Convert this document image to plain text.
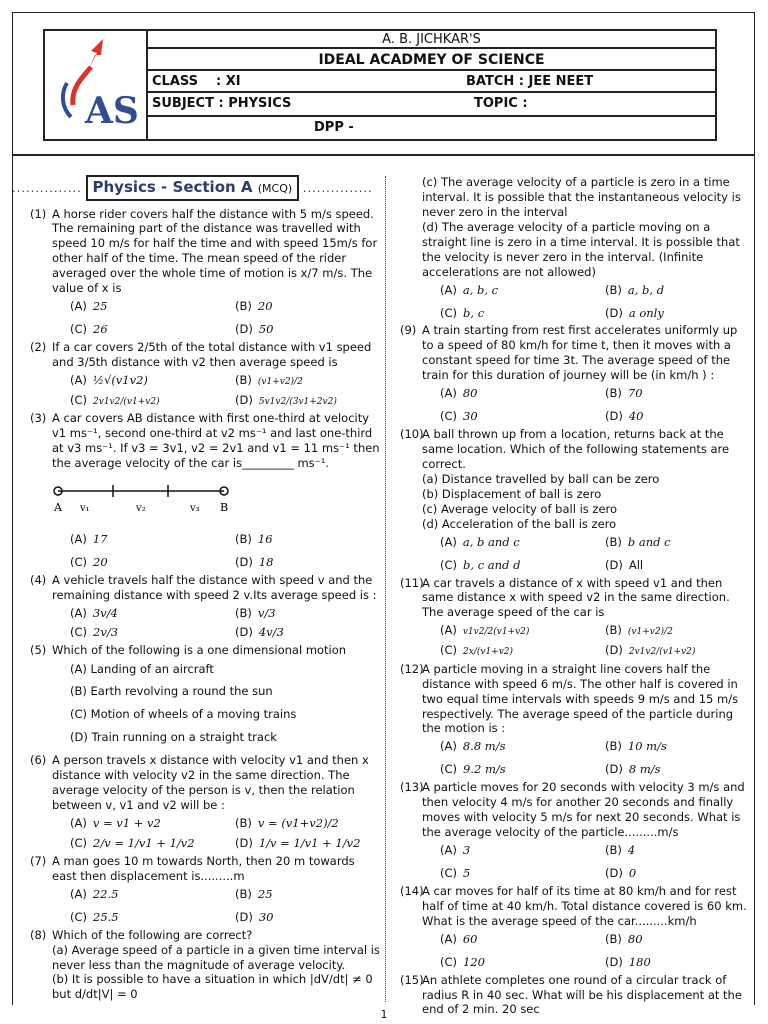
AS
A. B. JICHKAR'S
IDEAL ACADMEY OF SCIENCE
CLASS : XI	BATCH : JEE NEET
SUBJECT : PHYSICS	TOPIC :
DPP -
............... Physics - Section A (MCQ) ...............
(1) A horse rider covers half the distance with 5 m/s speed. The remaining part of the distance was travelled with speed 10 m/s for half the time and with speed 15m/s for other half of the time. The mean speed of the rider averaged over the whole time of motion is x/7 m/s. The value of x is
(A) 25	(B) 20
(C) 26	(D) 50
(2) If a car covers 2/5th of the total distance with v1 speed and 3/5th distance with v2 then average speed is
(A) ½√(v1v2)	(B) (v1+v2)/2
(C) 2v1v2/(v1+v2)	(D) 5v1v2/(3v1+2v2)
(3) A car covers AB distance with first one-third at velocity v1 ms⁻¹, second one-third at v2 ms⁻¹ and last one-third at v3 ms⁻¹. If v3 = 3v1, v2 = 2v1 and v1 = 11 ms⁻¹ then the average velocity of the car is_________ ms⁻¹.
A v₁	v₂	v₃ B
(A) 17	(B) 16
(C) 20	(D) 18
(4) A vehicle travels half the distance with speed v and the remaining distance with speed 2 v.Its average speed is :
(A) 3v/4	(B) v/3
(C) 2v/3	(D) 4v/3
(5) Which of the following is a one dimensional motion
(A) Landing of an aircraft
(B) Earth revolving a round the sun
(C) Motion of wheels of a moving trains
(D) Train running on a straight track
(6) A person travels x distance with velocity v1 and then x distance with velocity v2 in the same direction. The average velocity of the person is v, then the relation between v, v1 and v2 will be :
(A) v = v1 + v2	(B) v = (v1+v2)/2
(C) 2/v = 1/v1 + 1/v2	(D) 1/v = 1/v1 + 1/v2
(7) A man goes 10 m towards North, then 20 m towards east then displacement is.........m
(A) 22.5	(B) 25
(C) 25.5	(D) 30
(8) Which of the following are correct?
(a) Average speed of a particle in a given time interval is never less than the magnitude of average velocity.
(b) It is possible to have a situation in which |dV/dt| ≠ 0 but d/dt|V| = 0
(c) The average velocity of a particle is zero in a time interval. It is possible that the instantaneous velocity is never zero in the interval
(d) The average velocity of a particle moving on a straight line is zero in a time interval. It is possible that the velocity is never zero in the interval. (Infinite accelerations are not allowed)
(A) a, b, c	(B) a, b, d
(C) b, c	(D) a only
(9) A train starting from rest first accelerates uniformly up to a speed of 80 km/h for time t, then it moves with a constant speed for time 3t. The average speed of the train for this duration of journey will be (in km/h ) :
(A) 80	(B) 70
(C) 30	(D) 40
(10)
A ball thrown up from a location, returns back at the same location. Which of the following statements are correct.
(a) Distance travelled by ball can be zero
(b) Displacement of ball is zero
(c) Average velocity of ball is zero
(d) Acceleration of the ball is zero
(A) a, b and c	(B) b and c
(C) b, c and d	(D) All
(11)
A car travels a distance of x with speed v1 and then same distance x with speed v2 in the same direction. The average speed of the car is
(A) v1v2/2(v1+v2)	(B) (v1+v2)/2
(C) 2x/(v1+v2)	(D) 2v1v2/(v1+v2)
(12)
A particle moving in a straight line covers half the distance with speed 6 m/s. The other half is covered in two equal time intervals with speeds 9 m/s and 15 m/s respectively. The average speed of the particle during the motion is :
(A) 8.8 m/s	(B) 10 m/s
(C) 9.2 m/s	(D) 8 m/s
(13)
A particle moves for 20 seconds with velocity 3 m/s and then velocity 4 m/s for another 20 seconds and finally moves with velocity 5 m/s for next 20 seconds. What is the average velocity of the particle.........m/s
(A) 3	(B) 4
(C) 5	(D) 0
(14)
A car moves for half of its time at 80 km/h and for rest half of time at 40 km/h. Total distance covered is 60 km. What is the average speed of the car.........km/h
(A) 60	(B) 80
(C) 120	(D) 180
(15)
An athlete completes one round of a circular track of radius R in 40 sec. What will be his displacement at the end of 2 min. 20 sec
1
